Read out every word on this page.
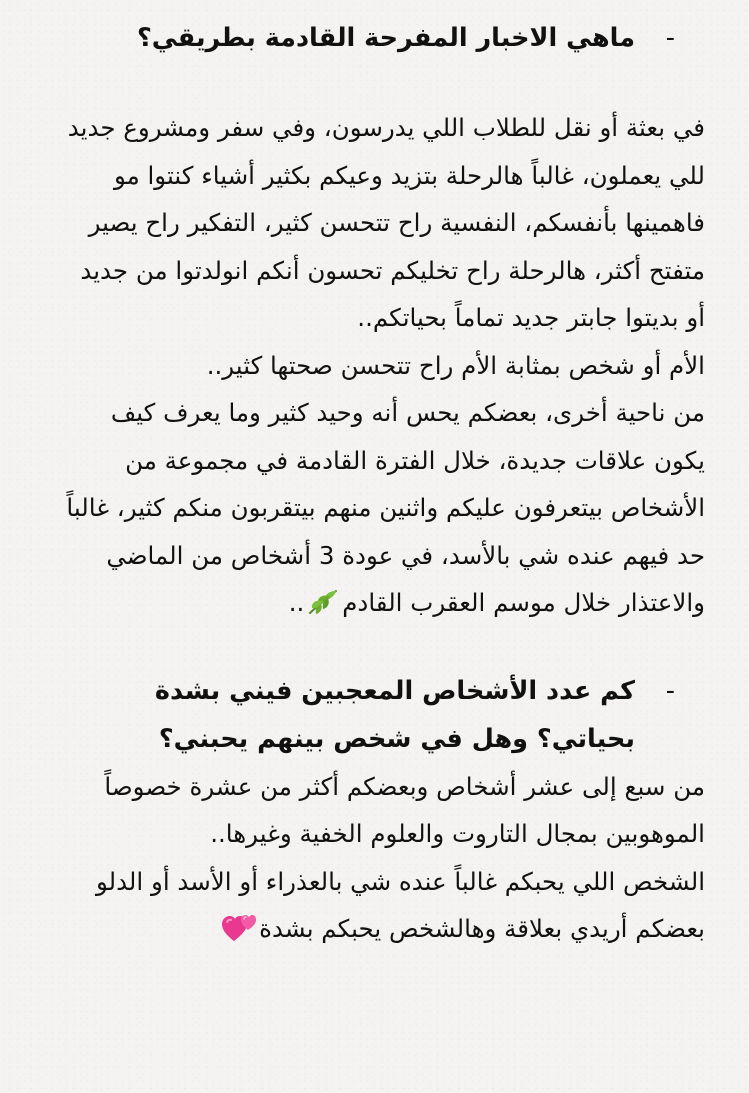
-
ماهي الاخبار المفرحة القادمة بطريقي؟

في بعثة أو نقل للطلاب اللي يدرسون، وفي سفر ومشروع جديد للي يعملون، غالباً هالرحلة بتزيد وعيكم بكثير أشياء كنتوا مو فاهمينها بأنفسكم، النفسية راح تتحسن كثير، التفكير راح يصير متفتح أكثر، هالرحلة راح تخليكم تحسون أنكم انولدتوا من جديد أو بديتوا جابتر جديد تماماً بحياتكم..
الأم أو شخص بمثابة الأم راح تتحسن صحتها كثير..
من ناحية أخرى، بعضكم يحس أنه وحيد كثير وما يعرف كيف يكون علاقات جديدة، خلال الفترة القادمة في مجموعة من الأشخاص بيتعرفون عليكم واثنين منهم بيتقربون منكم كثير، غالباً حد فيهم عنده شي بالأسد، في عودة 3 أشخاص من الماضي والاعتذار خلال موسم العقرب القادم..

-
كم عدد الأشخاص المعجبين فيني بشدة بحياتي؟ وهل في شخص بينهم يحبني؟

من سبع إلى عشر أشخاص وبعضكم أكثر من عشرة خصوصاً الموهوبين بمجال التاروت والعلوم الخفية وغيرها..
الشخص اللي يحبكم غالباً عنده شي بالعذراء أو الأسد أو الدلو
بعضكم أريدي بعلاقة وهالشخص يحبكم بشدة
